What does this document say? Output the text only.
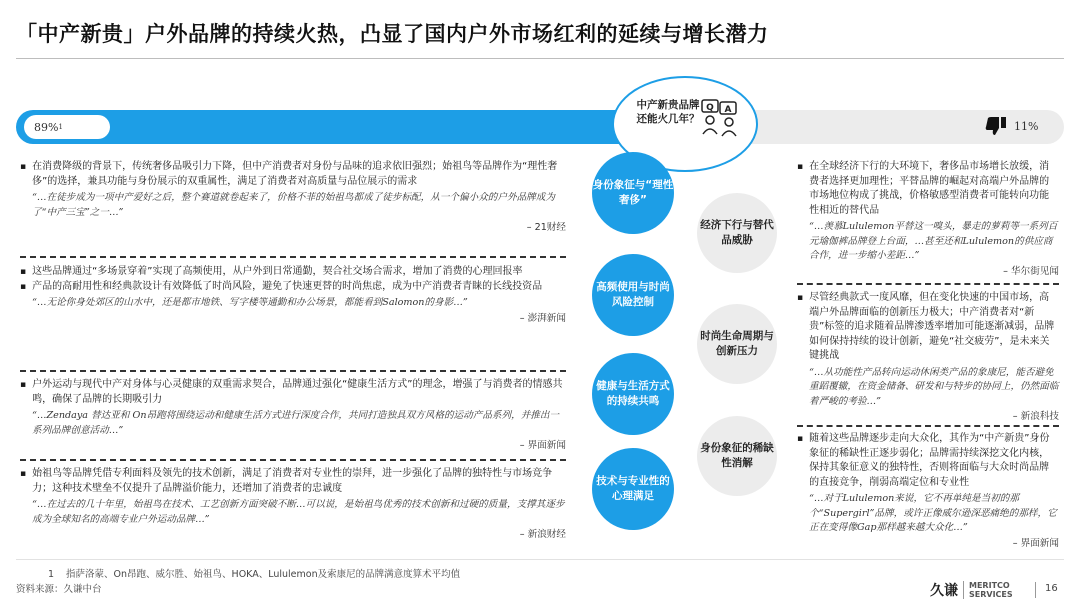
「中产新贵」户外品牌的持续火热，凸显了国内户外市场红利的延续与增长潜力
89% 1	11%
中产新贵品牌还能火几年？
Q A
▪ 在消费降级的背景下，传统奢侈品吸引力下降，但中产消费者对身份与品味的追求依旧强烈；始祖鸟等品牌作为“理性奢侈”的选择，兼具功能与身份展示的双重属性，满足了消费者对高质量与品位展示的需求
“…在徒步成为一项中产爱好之后，整个赛道就卷起来了，价格不菲的始祖鸟都成了徒步标配，从一个偏小众的户外品牌成为了“中产三宝”之一…”
– 21财经
▪ 这些品牌通过“多场景穿着”实现了高频使用，从户外到日常通勤，契合社交场合需求，增加了消费的心理回报率
▪ 产品的高耐用性和经典款设计有效降低了时尚风险，避免了快速更替的时尚焦虑，成为中产消费者青睐的长线投资品
“…无论你身处郊区的山水中，还是都市地铁、写字楼等通勤和办公场景，都能看到Salomon的身影…”
– 澎湃新闻
▪ 户外运动与现代中产对身体与心灵健康的双重需求契合，品牌通过强化“健康生活方式”的理念，增强了与消费者的情感共鸣，确保了品牌的长期吸引力
“…Zendaya 替达亚和 On昂跑将围绕运动和健康生活方式进行深度合作，共同打造独具双方风格的运动产品系列，并推出一系列品牌创意活动…”
– 界面新闻
▪ 始祖鸟等品牌凭借专利面料及领先的技术创新，满足了消费者对专业性的崇拜，进一步强化了品牌的独特性与市场竞争力；这种技术壁垒不仅提升了品牌溢价能力，还增加了消费者的忠诚度
“…在过去的几十年里，始祖鸟在技术、工艺创新方面突破不断…可以说，是始祖鸟优秀的技术创新和过硬的质量，支撑其逐步成为全球知名的高端专业户外运动品牌…”
– 新浪财经
身份象征与“理性奢侈”
高频使用与时尚风险控制
健康与生活方式的持续共鸣
技术与专业性的心理满足
经济下行与替代品威胁
时尚生命周期与创新压力
身份象征的稀缺性消解
▪ 在全球经济下行的大环境下，奢侈品市场增长放缓，消费者选择更加理性；平替品牌的崛起对高端户外品牌的市场地位构成了挑战，价格敏感型消费者可能转向功能性相近的替代品
“…羡慕Lululemon平替这一嗅头，暴走的萝莉等一系列百元瑜伽裤品牌登上台面，…甚至还和Lululemon的供应商合作，进一步缩小差距…”
– 华尔街见闻
▪ 尽管经典款式一度风靡，但在变化快速的中国市场，高端户外品牌面临的创新压力极大；中产消费者对“新贵”标签的追求随着品牌渗透率增加可能逐渐减弱，品牌如何保持持续的设计创新，避免“社交疲劳”，是未来关键挑战
“…从功能性产品转向运动休闲类产品的象康尼，能否避免重蹈覆辙，在资金储备、研发和与特步的协同上，仍然面临着严峻的考验…”
– 新浪科技
▪ 随着这些品牌逐步走向大众化，其作为“中产新贵”身份象征的稀缺性正逐步弱化；品牌需持续深挖文化内核，保持其象征意义的独特性，否则将面临与大众时尚品牌的直接竞争，削弱高端定位和专业性
“…对于Lululemon来说，它不再单纯是当初的那个“Supergirl”品牌，或许正像威尔逊深恶痛绝的那样，它正在变得像Gap那样越来越大众化…”
– 界面新闻
1 指萨洛蒙、On昂跑、威尔胜、始祖鸟、HOKA、Lululemon及索康尼的品牌满意度算术平均值
资料来源：久谦中台	久谦 MERITCO
SERVICES
16
